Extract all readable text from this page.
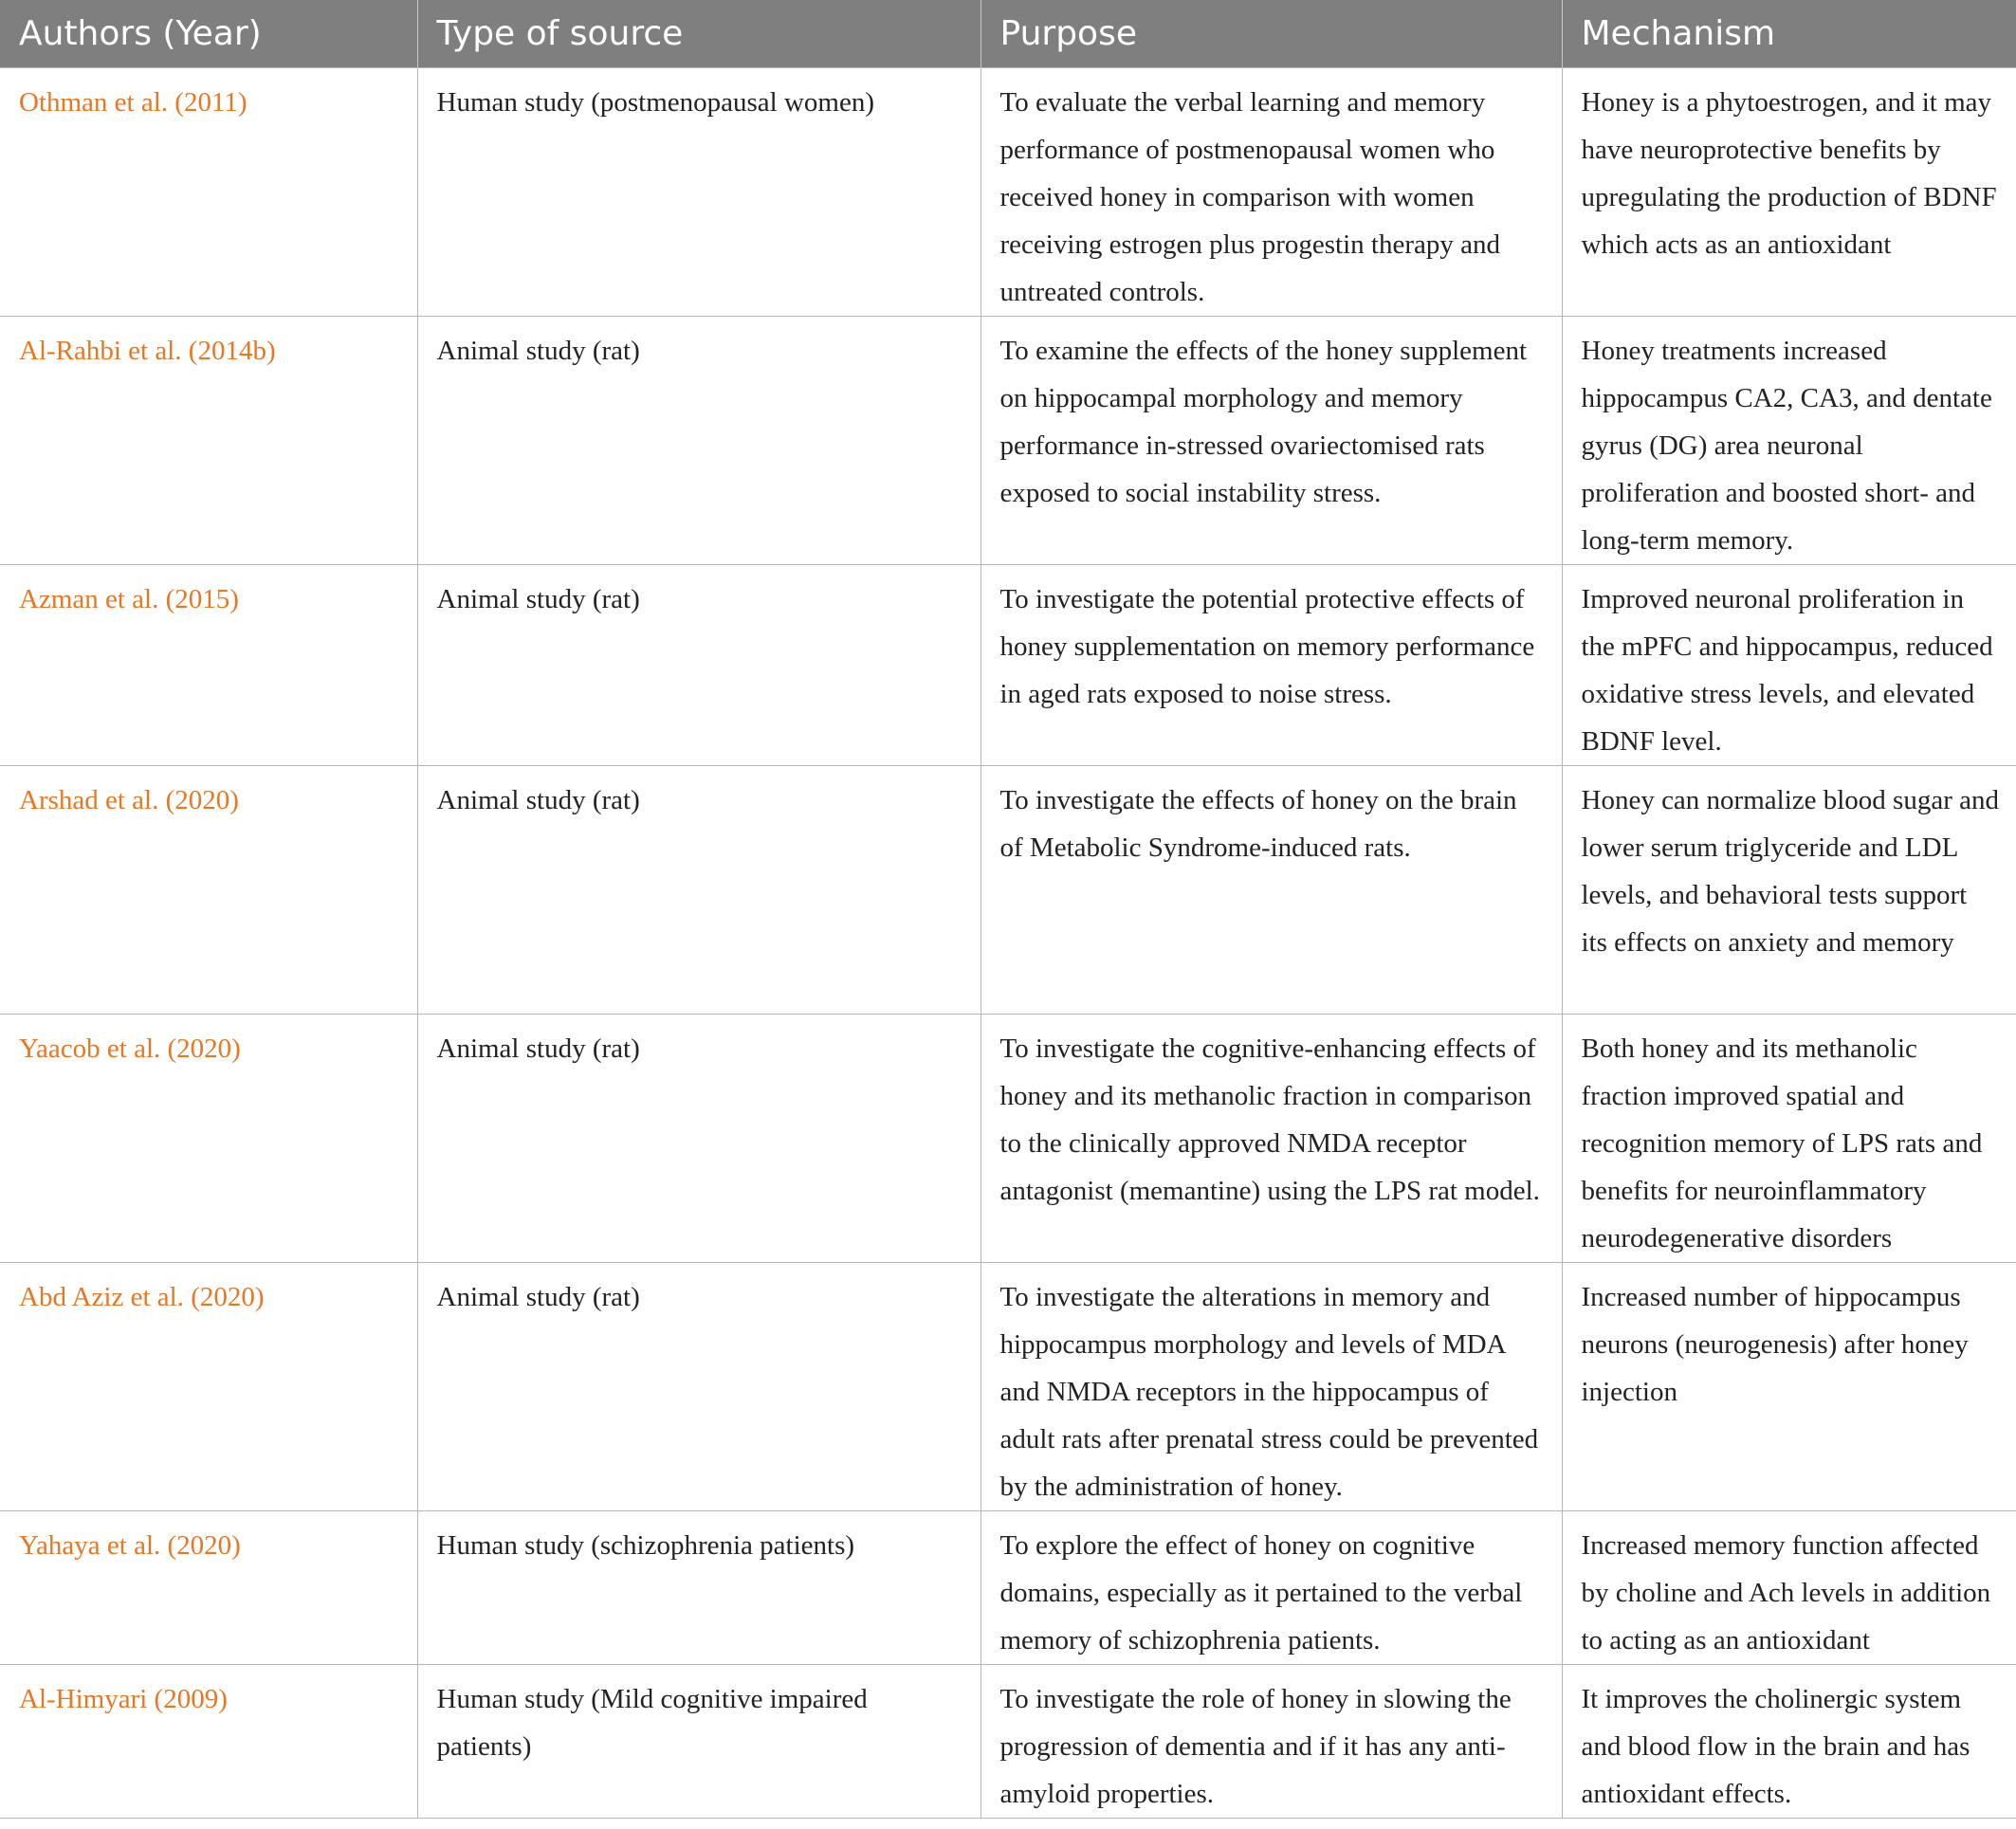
Authors (Year)	Type of source	Purpose	Mechanism
Othman et al. (2011)	Human study (postmenopausal women)	To evaluate the verbal learning and memory performance of postmenopausal women who received honey in comparison with women receiving estrogen plus progestin therapy and untreated controls.	Honey is a phytoestrogen, and it may have neuroprotective benefits by upregulating the production of BDNF which acts as an antioxidant
Al-Rahbi et al. (2014b)	Animal study (rat)	To examine the effects of the honey supplement on hippocampal morphology and memory performance in-stressed ovariectomised rats exposed to social instability stress.	Honey treatments increased hippocampus CA2, CA3, and dentate gyrus (DG) area neuronal proliferation and boosted short- and long-term memory.
Azman et al. (2015)	Animal study (rat)	To investigate the potential protective effects of honey supplementation on memory performance in aged rats exposed to noise stress.	Improved neuronal proliferation in the mPFC and hippocampus, reduced oxidative stress levels, and elevated BDNF level.
Arshad et al. (2020)	Animal study (rat)	To investigate the effects of honey on the brain of Metabolic Syndrome-induced rats.	Honey can normalize blood sugar and lower serum triglyceride and LDL levels, and behavioral tests support its effects on anxiety and memory
Yaacob et al. (2020)	Animal study (rat)	To investigate the cognitive-enhancing effects of honey and its methanolic fraction in comparison to the clinically approved NMDA receptor antagonist (memantine) using the LPS rat model.	Both honey and its methanolic fraction improved spatial and recognition memory of LPS rats and benefits for neuroinflammatory neurodegenerative disorders
Abd Aziz et al. (2020)	Animal study (rat)	To investigate the alterations in memory and hippocampus morphology and levels of MDA and NMDA receptors in the hippocampus of adult rats after prenatal stress could be prevented by the administration of honey.	Increased number of hippocampus neurons (neurogenesis) after honey injection
Yahaya et al. (2020)	Human study (schizophrenia patients)	To explore the effect of honey on cognitive domains, especially as it pertained to the verbal memory of schizophrenia patients.	Increased memory function affected by choline and Ach levels in addition to acting as an antioxidant
Al-Himyari (2009)	Human study (Mild cognitive impaired patients)	To investigate the role of honey in slowing the progression of dementia and if it has any anti-amyloid properties.	It improves the cholinergic system and blood flow in the brain and has antioxidant effects.
